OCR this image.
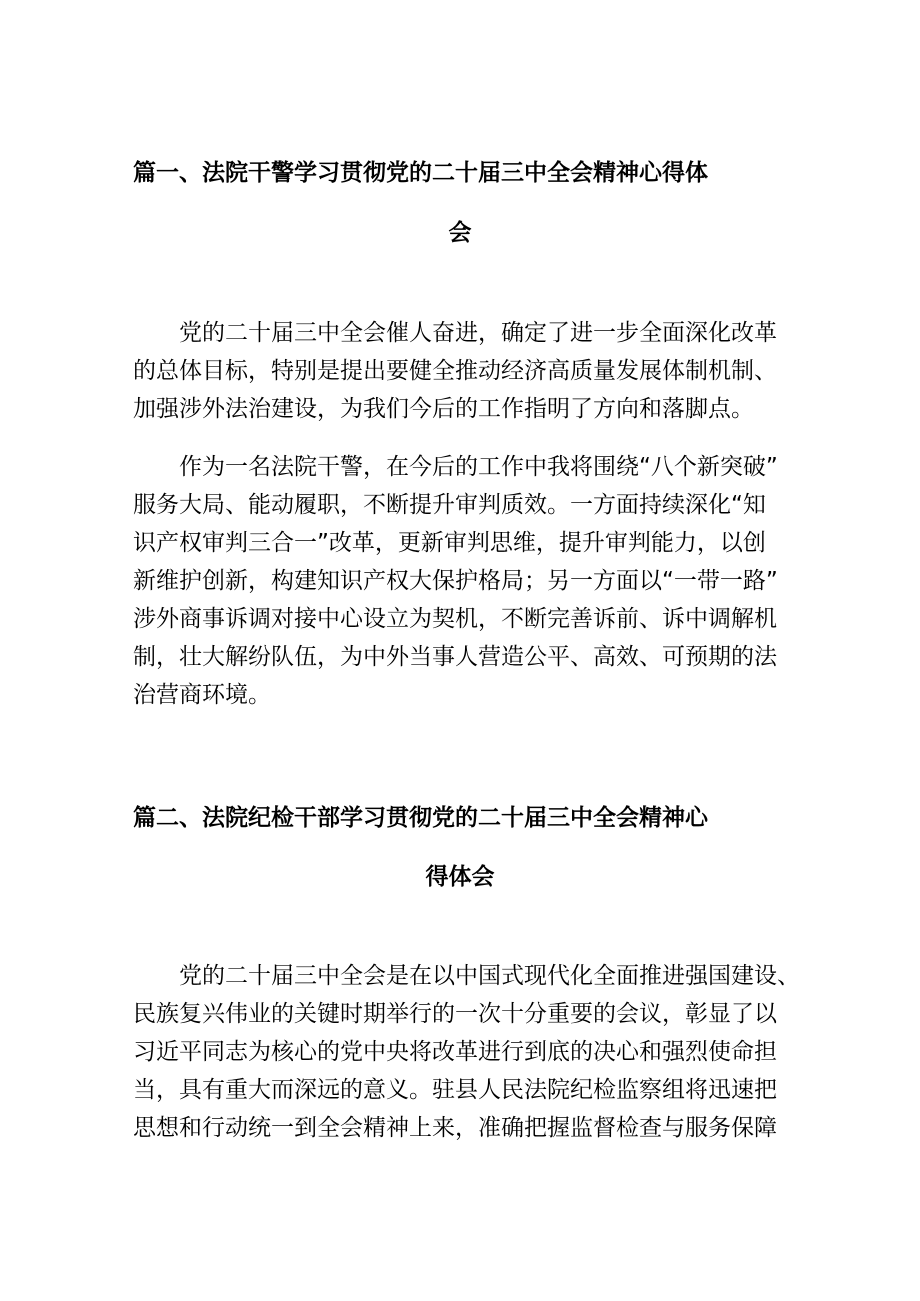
篇一、法院干警学习贯彻党的二十届三中全会精神心得体
会
党的二十届三中全会催人奋进，确定了进一步全面深化改革
的总体目标，特别是提出要健全推动经济高质量发展体制机制、
加强涉外法治建设，为我们今后的工作指明了方向和落脚点。
作为一名法院干警，在今后的工作中我将围绕“八个新突破”
服务大局、能动履职，不断提升审判质效。一方面持续深化“知
识产权审判三合一”改革，更新审判思维，提升审判能力，以创
新维护创新，构建知识产权大保护格局；另一方面以“一带一路”
涉外商事诉调对接中心设立为契机，不断完善诉前、诉中调解机
制，壮大解纷队伍，为中外当事人营造公平、高效、可预期的法
治营商环境。
篇二、法院纪检干部学习贯彻党的二十届三中全会精神心
得体会
党的二十届三中全会是在以中国式现代化全面推进强国建设、
民族复兴伟业的关键时期举行的一次十分重要的会议，彰显了以
习近平同志为核心的党中央将改革进行到底的决心和强烈使命担
当，具有重大而深远的意义。驻县人民法院纪检监察组将迅速把
思想和行动统一到全会精神上来，准确把握监督检查与服务保障
